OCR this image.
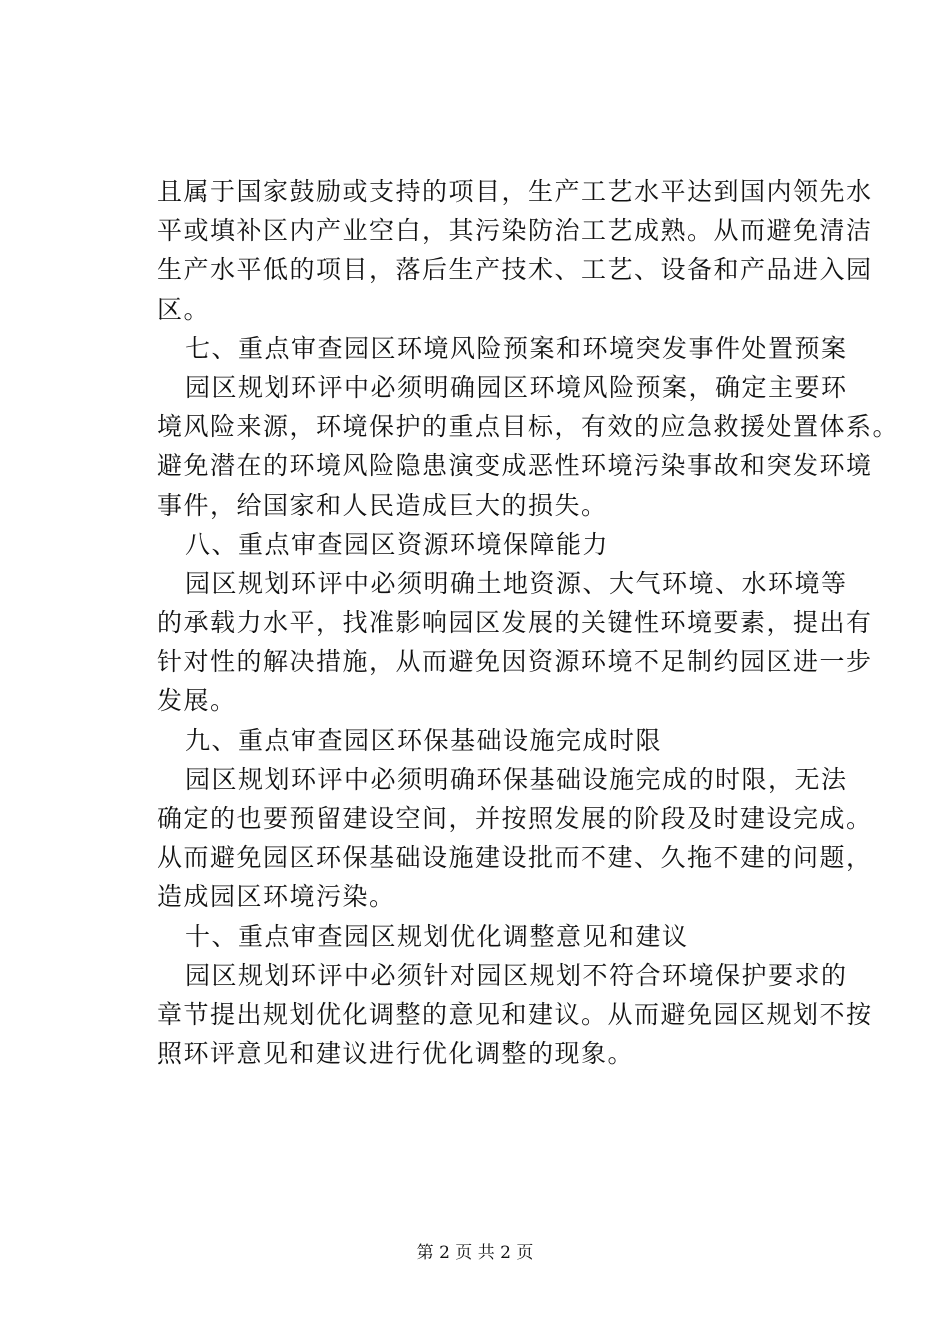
且属于国家鼓励或支持的项目，生产工艺水平达到国内领先水
平或填补区内产业空白，其污染防治工艺成熟。从而避免清洁
生产水平低的项目，落后生产技术、工艺、设备和产品进入园
区。
七、重点审查园区环境风险预案和环境突发事件处置预案
园区规划环评中必须明确园区环境风险预案，确定主要环
境风险来源，环境保护的重点目标，有效的应急救援处置体系。
避免潜在的环境风险隐患演变成恶性环境污染事故和突发环境
事件，给国家和人民造成巨大的损失。
八、重点审查园区资源环境保障能力
园区规划环评中必须明确土地资源、大气环境、水环境等
的承载力水平，找准影响园区发展的关键性环境要素，提出有
针对性的解决措施，从而避免因资源环境不足制约园区进一步
发展。
九、重点审查园区环保基础设施完成时限
园区规划环评中必须明确环保基础设施完成的时限，无法
确定的也要预留建设空间，并按照发展的阶段及时建设完成。
从而避免园区环保基础设施建设批而不建、久拖不建的问题，
造成园区环境污染。
十、重点审查园区规划优化调整意见和建议
园区规划环评中必须针对园区规划不符合环境保护要求的
章节提出规划优化调整的意见和建议。从而避免园区规划不按
照环评意见和建议进行优化调整的现象。
第 2 页 共 2 页
